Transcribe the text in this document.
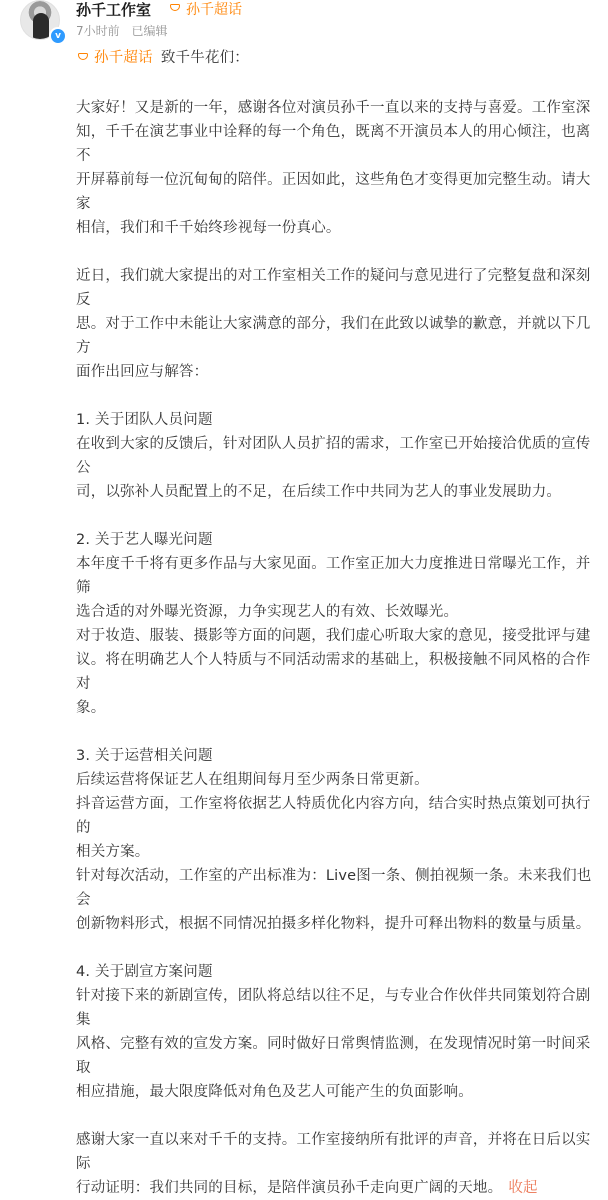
v
孙千工作室 孙千超话
7小时前 已编辑
孙千超话 致千牛花们：

大家好！又是新的一年，感谢各位对演员孙千一直以来的支持与喜爱。工作室深

知，千千在演艺事业中诠释的每一个角色，既离不开演员本人的用心倾注，也离不

开屏幕前每一位沉甸甸的陪伴。正因如此，这些角色才变得更加完整生动。请大家

相信，我们和千千始终珍视每一份真心。

近日，我们就大家提出的对工作室相关工作的疑问与意见进行了完整复盘和深刻反

思。对于工作中未能让大家满意的部分，我们在此致以诚挚的歉意，并就以下几方

面作出回应与解答：

1. 关于团队人员问题

在收到大家的反馈后，针对团队人员扩招的需求，工作室已开始接洽优质的宣传公

司，以弥补人员配置上的不足，在后续工作中共同为艺人的事业发展助力。

2. 关于艺人曝光问题

本年度千千将有更多作品与大家见面。工作室正加大力度推进日常曝光工作，并筛

选合适的对外曝光资源，力争实现艺人的有效、长效曝光。

对于妆造、服装、摄影等方面的问题，我们虚心听取大家的意见，接受批评与建

议。将在明确艺人个人特质与不同活动需求的基础上，积极接触不同风格的合作对

象。

3. 关于运营相关问题

后续运营将保证艺人在组期间每月至少两条日常更新。

抖音运营方面，工作室将依据艺人特质优化内容方向，结合实时热点策划可执行的

相关方案。

针对每次活动，工作室的产出标准为：Live图一条、侧拍视频一条。未来我们也会

创新物料形式，根据不同情况拍摄多样化物料，提升可释出物料的数量与质量。

4. 关于剧宣方案问题

针对接下来的新剧宣传，团队将总结以往不足，与专业合作伙伴共同策划符合剧集

风格、完整有效的宣发方案。同时做好日常舆情监测，在发现情况时第一时间采取

相应措施，最大限度降低对角色及艺人可能产生的负面影响。

感谢大家一直以来对千千的支持。工作室接纳所有批评的声音，并将在日后以实际

行动证明：我们共同的目标，是陪伴演员孙千走向更广阔的天地。 收起
